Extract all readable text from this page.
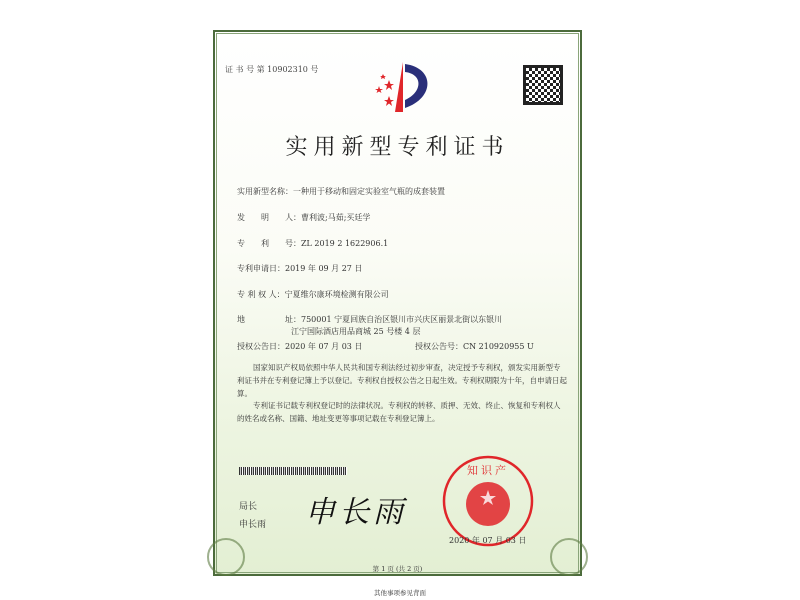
证 书 号 第 10902310 号
实用新型专利证书
实用新型名称：一种用于移动和固定实验室气瓶的成套装置
发　　明　　人：曹利波;马茹;买廷学
专　　利　　号：ZL 2019 2 1622906.1
专利申请日：2019 年 09 月 27 日
专 利 权 人：宁夏维尔康环境检测有限公司
地　　　　　址：750001 宁夏回族自治区银川市兴庆区丽景北街以东银川
江宁国际酒店用品商城 25 号楼 4 层
授权公告日：2020 年 07 月 03 日	授权公告号：CN 210920955 U
国家知识产权局依照中华人民共和国专利法经过初步审查，决定授予专利权，颁发实用新型专利证书并在专利登记簿上予以登记。专利权自授权公告之日起生效。专利权期限为十年，自申请日起算。
专利证书记载专利权登记时的法律状况。专利权的转移、质押、无效、终止、恢复和专利权人的姓名或名称、国籍、地址变更等事项记载在专利登记簿上。
局长
申长雨 申长雨
知识产
2020 年 07 月 03 日
第 1 页 (共 2 页)
其他事项参见背面
